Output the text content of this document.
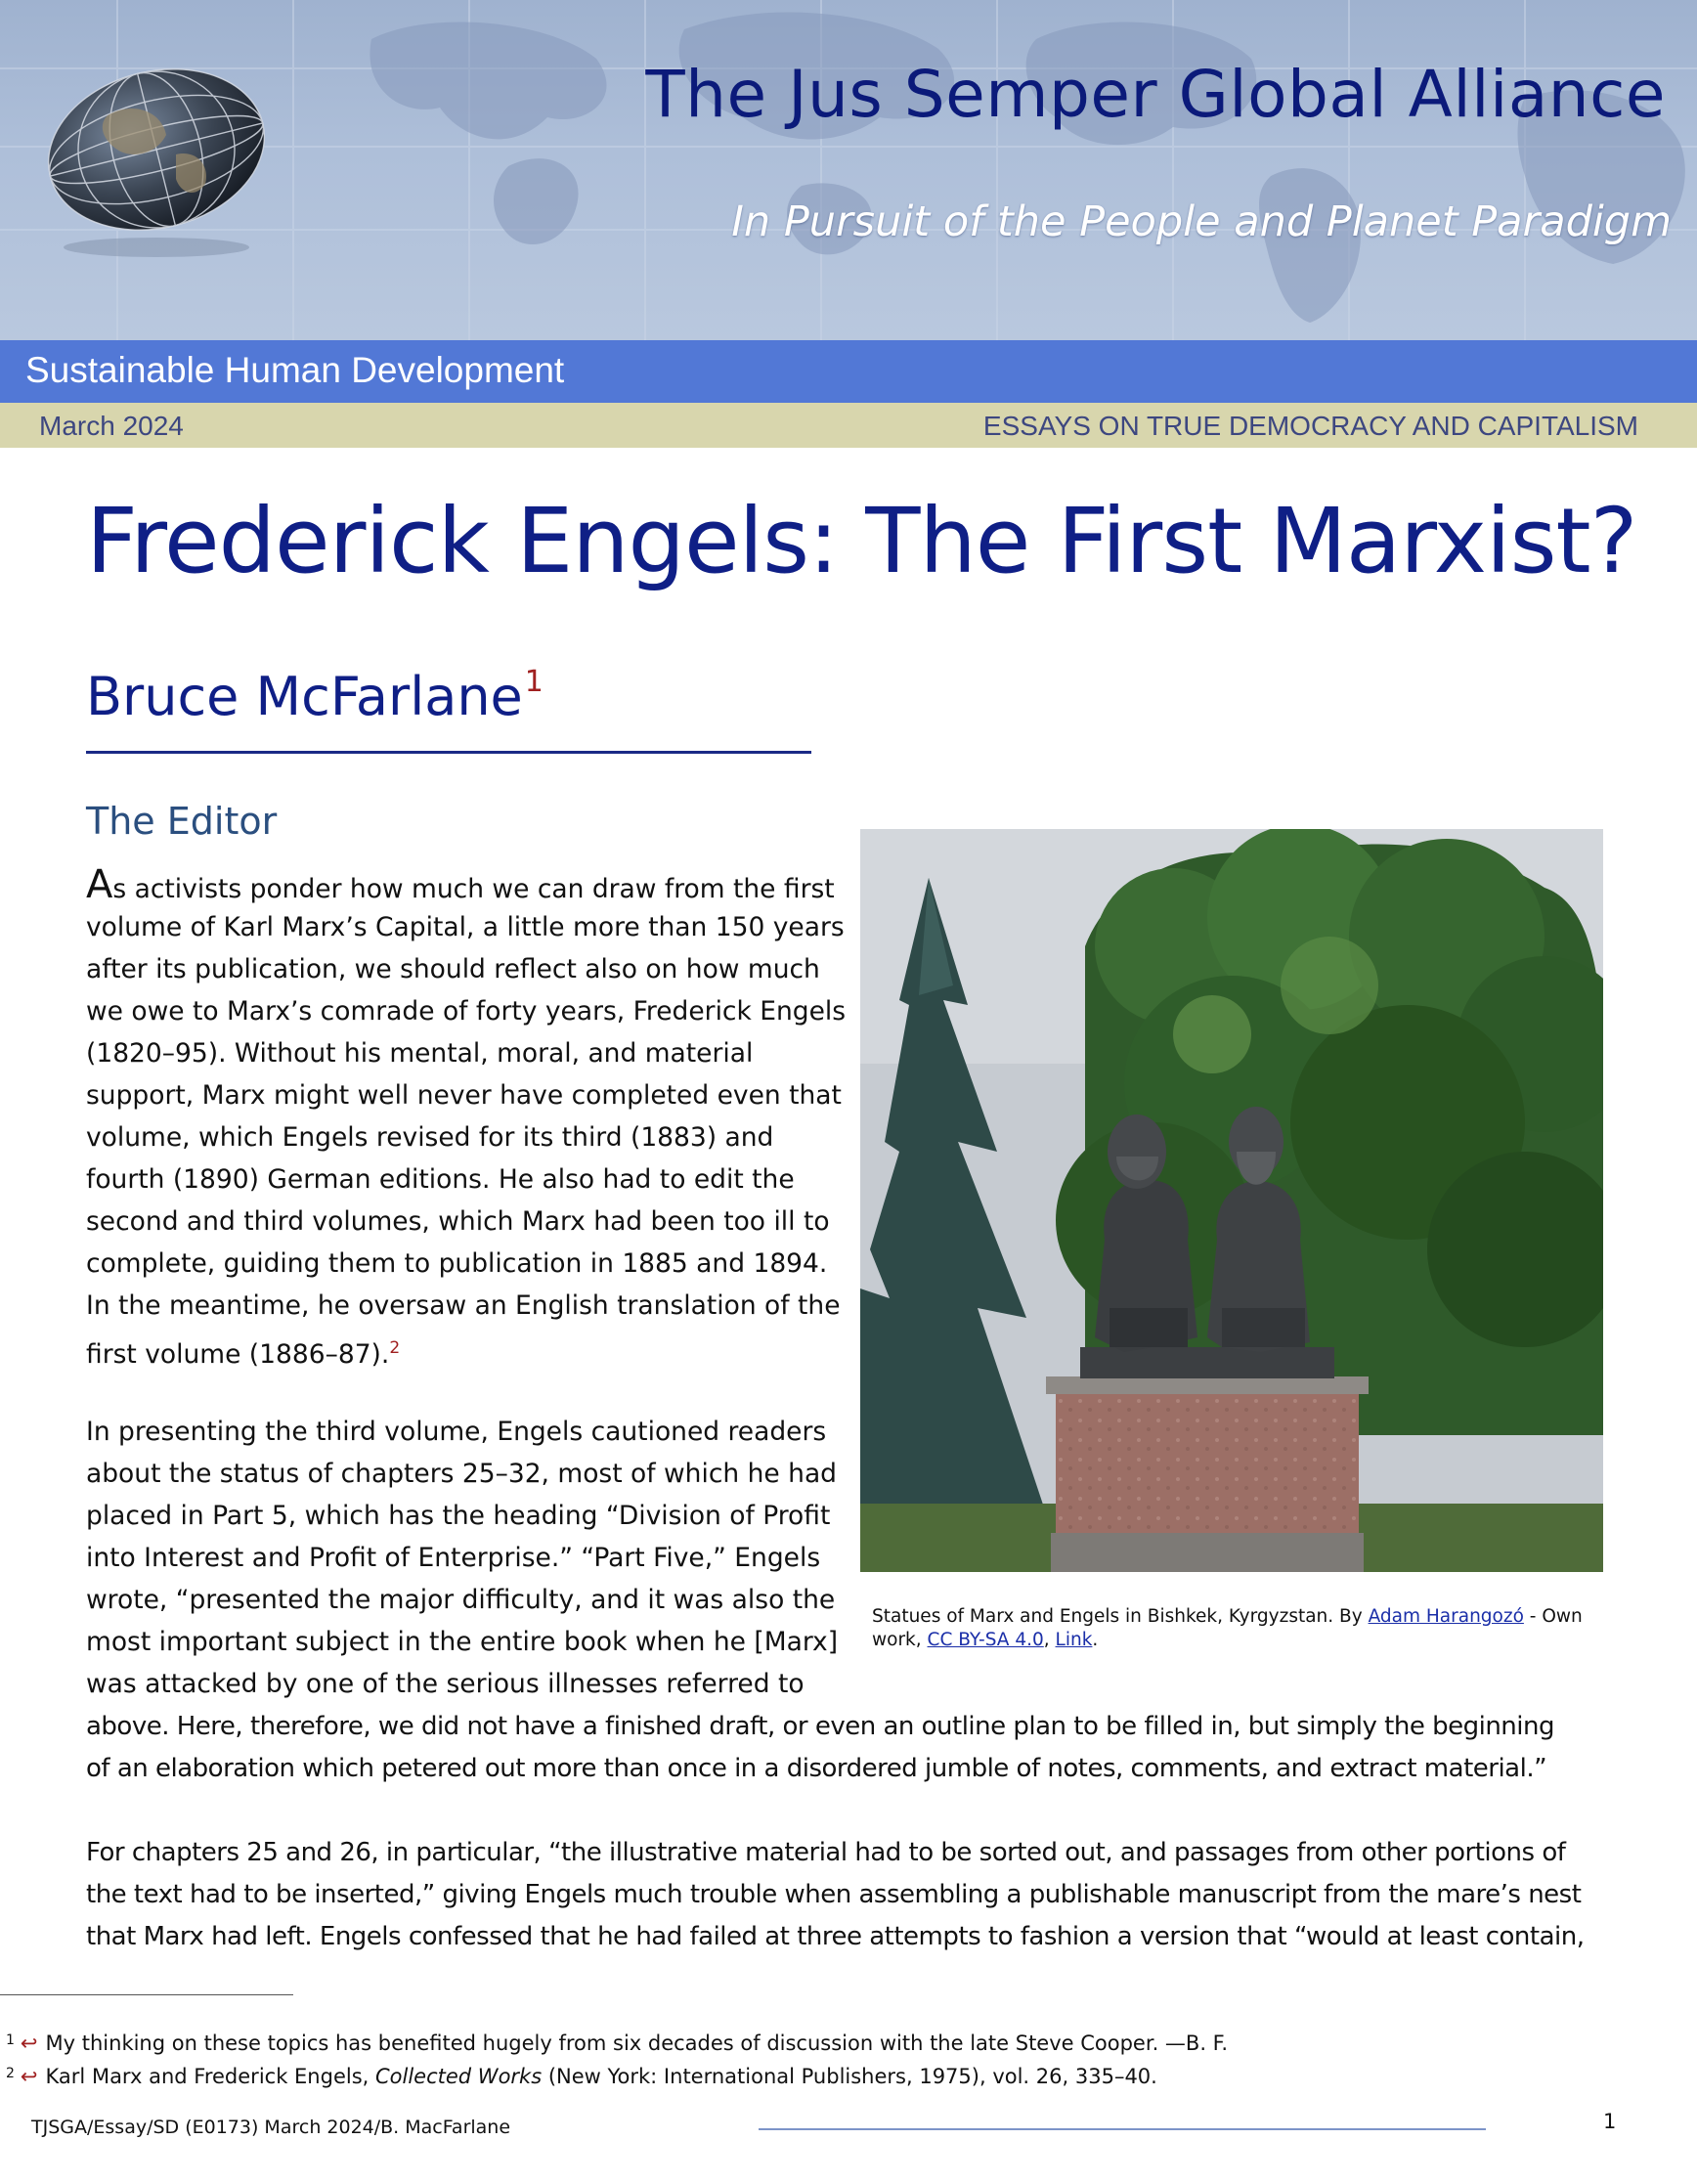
The Jus Semper Global Alliance
In Pursuit of the People and Planet Paradigm
Sustainable Human Development
March 2024	ESSAYS ON TRUE DEMOCRACY AND CAPITALISM
Frederick Engels: The First Marxist?
Bruce McFarlane$^1$
The Editor

As activists ponder how much we can draw from the first

volume of Karl Marx’s Capital, a little more than 150 years

after its publication, we should reflect also on how much

we owe to Marx’s comrade of forty years, Frederick Engels

(1820–95). Without his mental, moral, and material

support, Marx might well never have completed even that

volume, which Engels revised for its third (1883) and

fourth (1890) German editions. He also had to edit the

second and third volumes, which Marx had been too ill to

complete, guiding them to publication in 1885 and 1894.

In the meantime, he oversaw an English translation of the

first volume (1886–87).$^2$

In presenting the third volume, Engels cautioned readers

about the status of chapters 25–32, most of which he had

placed in Part 5, which has the heading “Division of Profit

into Interest and Profit of Enterprise.” “Part Five,” Engels

wrote, “presented the major difficulty, and it was also the

most important subject in the entire book when he [Marx]

was attacked by one of the serious illnesses referred to

above. Here, therefore, we did not have a finished draft, or even an outline plan to be filled in, but simply the beginning

of an elaboration which petered out more than once in a disordered jumble of notes, comments, and extract material.”

For chapters 25 and 26, in particular, “the illustrative material had to be sorted out, and passages from other portions of

the text had to be inserted,” giving Engels much trouble when assembling a publishable manuscript from the mare’s nest

that Marx had left. Engels confessed that he had failed at three attempts to fashion a version that “would at least contain,

Statues of Marx and Engels in Bishkek, Kyrgyzstan. By Adam Harangozó - Own work, CC BY-SA 4.0, Link.

$^1$ ↩ My thinking on these topics has benefited hugely from six decades of discussion with the late Steve Cooper. —B. F.

$^2$ ↩ Karl Marx and Frederick Engels, Collected Works (New York: International Publishers, 1975), vol. 26, 335–40.

TJSGA/Essay/SD (E0173) March 2024/B. MacFarlane	1
